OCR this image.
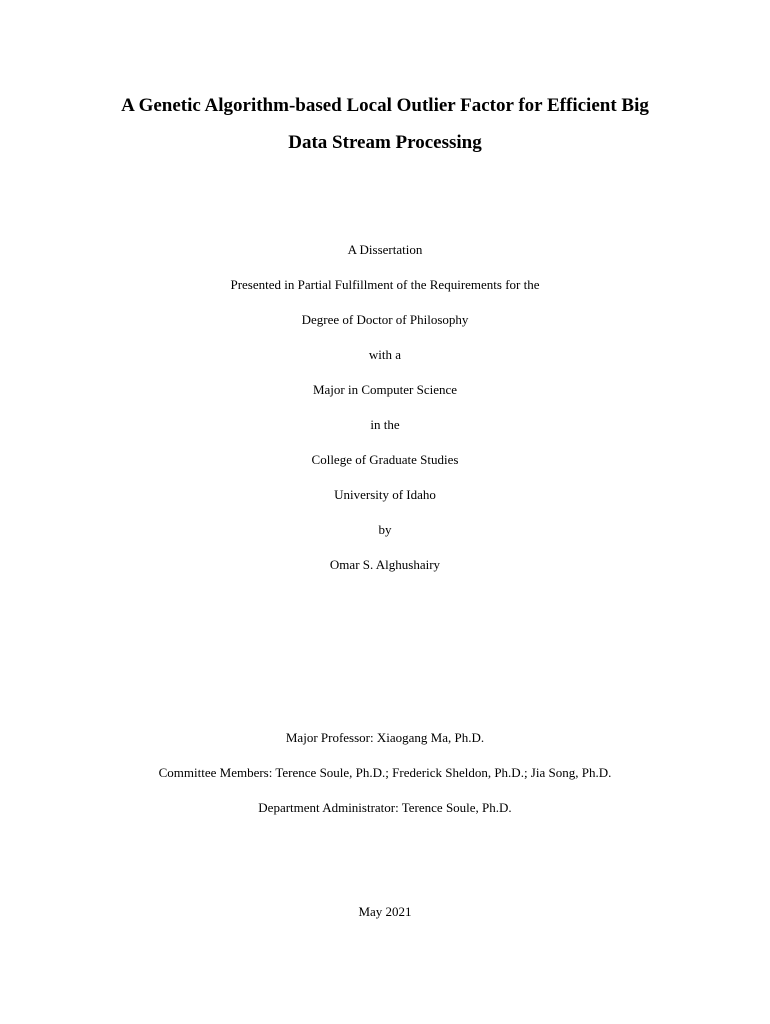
A Genetic Algorithm-based Local Outlier Factor for Efficient Big
Data Stream Processing
A Dissertation
Presented in Partial Fulfillment of the Requirements for the
Degree of Doctor of Philosophy
with a
Major in Computer Science
in the
College of Graduate Studies
University of Idaho
by
Omar S. Alghushairy
Major Professor: Xiaogang Ma, Ph.D.
Committee Members: Terence Soule, Ph.D.; Frederick Sheldon, Ph.D.; Jia Song, Ph.D.
Department Administrator: Terence Soule, Ph.D.
May 2021
